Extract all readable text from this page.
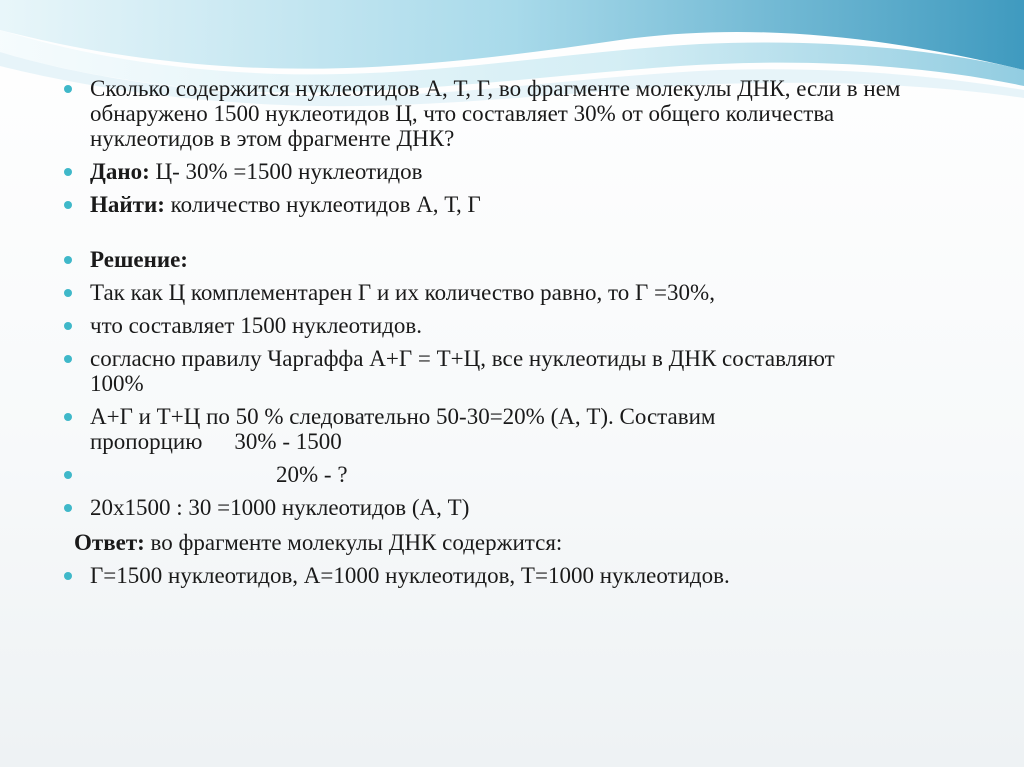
Сколько содержится нуклеотидов А, Т, Г, во фрагменте молекулы ДНК, если в нем обнаружено 1500 нуклеотидов Ц, что составляет 30% от общего количества нуклеотидов в этом фрагменте ДНК?
Дано: Ц- 30% =1500 нуклеотидов
Найти: количество нуклеотидов А, Т, Г
Решение:
Так как Ц комплементарен Г и их количество равно, то Г =30%,
что составляет 1500 нуклеотидов.
согласно правилу Чаргаффа А+Г = Т+Ц, все нуклеотиды в ДНК составляют 100%
А+Г и Т+Ц по 50 % следовательно 50-30=20% (А, Т). Составим
пропорцию 30% - 1500
20% - ?
20х1500 : 30 =1000 нуклеотидов (А, Т)
Ответ: во фрагменте молекулы ДНК содержится:
Г=1500 нуклеотидов, А=1000 нуклеотидов, Т=1000 нуклеотидов.
